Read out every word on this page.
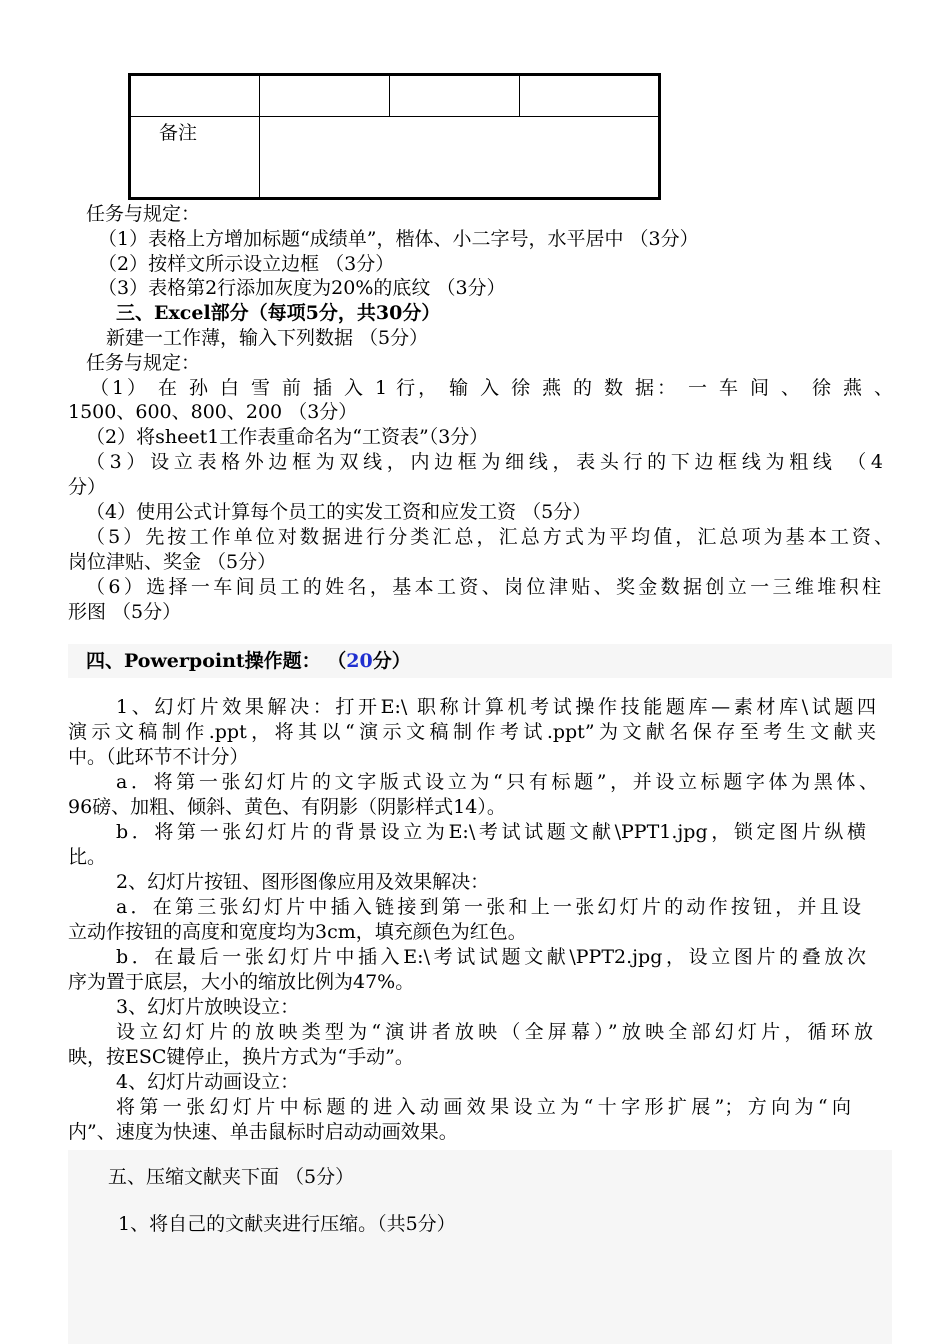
备注			

任务与规定：
（1）表格上方增加标题“成绩单”，楷体、小二字号，水平居中 （3分）
（2）按样文所示设立边框 （3分）
（3）表格第2行添加灰度为20%的底纹 （3分）
三、Excel部分（每项5分，共30分）
新建一工作薄，输入下列数据 （5分）
任务与规定：
（1） 在 孙 白 雪 前 插 入 1 行， 输 入 徐 燕 的 数 据： 一 车 间 、 徐 燕 、
1500、600、800、200 （3分）
（2）将sheet1工作表重命名为“工资表”（3分）
（3）设立表格外边框为双线，内边框为细线，表头行的下边框线为粗线 （4
分）
（4）使用公式计算每个员工的实发工资和应发工资 （5分）
（5）先按工作单位对数据进行分类汇总，汇总方式为平均值，汇总项为基本工资、
岗位津贴、奖金 （5分）
（6）选择一车间员工的姓名，基本工资、岗位津贴、奖金数据创立一三维堆积柱
形图 （5分）
四、Powerpoint操作题： （20分）
1、幻灯片效果解决：打开E:\ 职称计算机考试操作技能题库—素材库\试题四
演示文稿制作.ppt，将其以“演示文稿制作考试.ppt”为文献名保存至考生文献夹
中。（此环节不计分）
a．将第一张幻灯片的文字版式设立为“只有标题”，并设立标题字体为黑体、
96磅、加粗、倾斜、黄色、有阴影（阴影样式14）。
b．将第一张幻灯片的背景设立为E:\考试试题文献\PPT1.jpg，锁定图片纵横
比。
2、幻灯片按钮、图形图像应用及效果解决：
a．在第三张幻灯片中插入链接到第一张和上一张幻灯片的动作按钮，并且设
立动作按钮的高度和宽度均为3cm，填充颜色为红色。
b．在最后一张幻灯片中插入E:\考试试题文献\PPT2.jpg，设立图片的叠放次
序为置于底层，大小的缩放比例为47%。
3、幻灯片放映设立：
设立幻灯片的放映类型为“演讲者放映（全屏幕）”放映全部幻灯片，循环放
映，按ESC键停止，换片方式为“手动”。
4、幻灯片动画设立：
将第一张幻灯片中标题的进入动画效果设立为“十字形扩展”；方向为“向
内”、速度为快速、单击鼠标时启动动画效果。
五、压缩文献夹下面 （5分）
1、将自己的文献夹进行压缩。（共5分）
